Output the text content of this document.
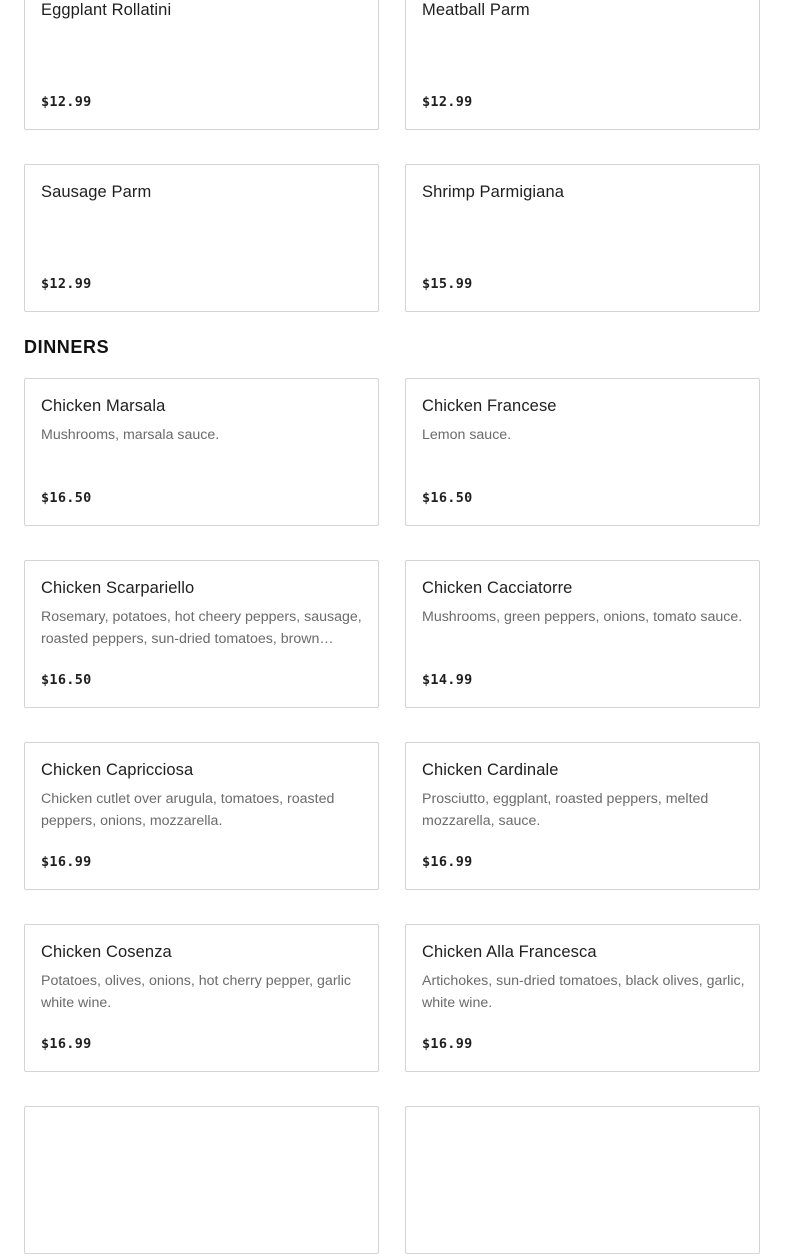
Eggplant Rollatini
$12.99
Meatball Parm
$12.99
Sausage Parm
$12.99
Shrimp Parmigiana
$15.99
DINNERS
Chicken Marsala
Mushrooms, marsala sauce.
$16.50
Chicken Francese
Lemon sauce.
$16.50
Chicken Scarpariello
Rosemary, potatoes, hot cheery peppers, sausage, roasted peppers, sun-dried tomatoes, brown…
$16.50
Chicken Cacciatorre
Mushrooms, green peppers, onions, tomato sauce.
$14.99
Chicken Capricciosa
Chicken cutlet over arugula, tomatoes, roasted peppers, onions, mozzarella.
$16.99
Chicken Cardinale
Prosciutto, eggplant, roasted peppers, melted mozzarella, sauce.
$16.99
Chicken Cosenza
Potatoes, olives, onions, hot cherry pepper, garlic white wine.
$16.99
Chicken Alla Francesca
Artichokes, sun-dried tomatoes, black olives, garlic, white wine.
$16.99
